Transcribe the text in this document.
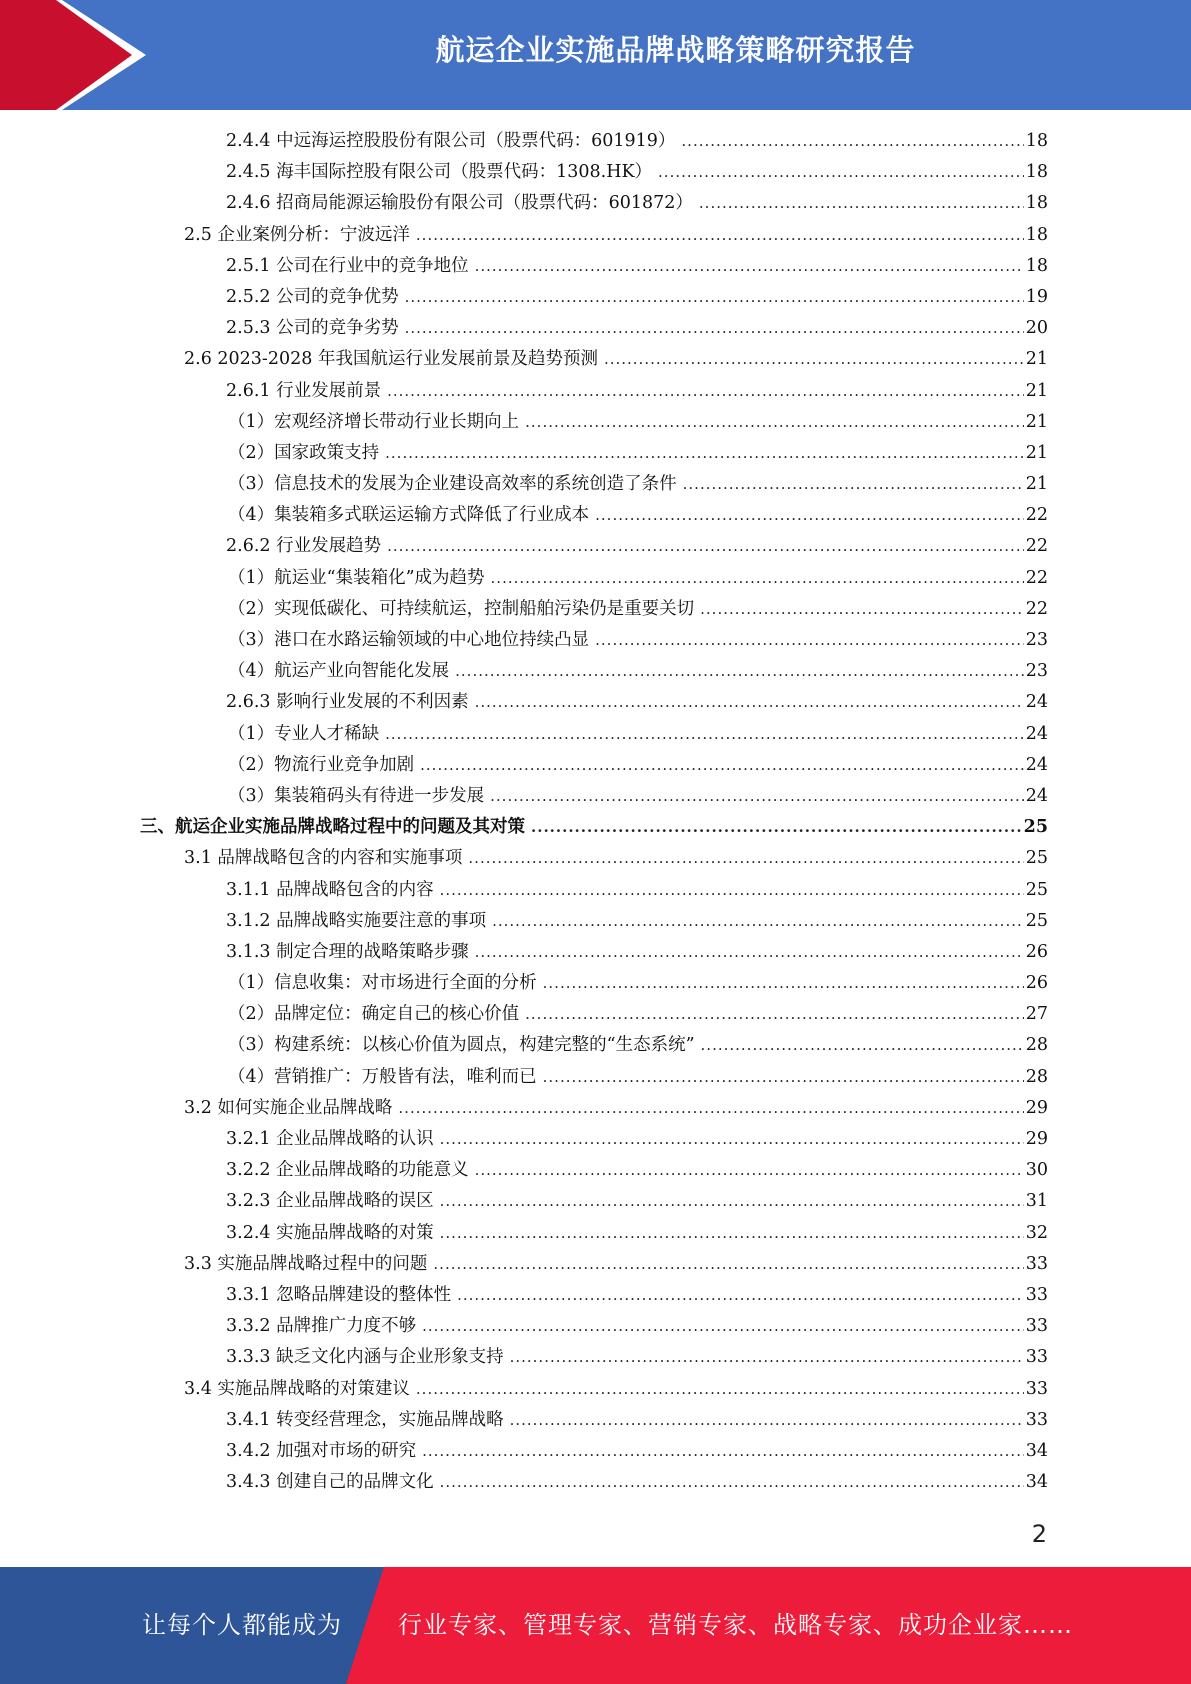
航运企业实施品牌战略策略研究报告
2.4.4 中远海运控股股份有限公司（股票代码：601919） .....	18
2.4.5 海丰国际控股有限公司（股票代码：1308.HK） .....	18
2.4.6 招商局能源运输股份有限公司（股票代码：601872） .....	18
2.5 企业案例分析：宁波远洋 .....	18
2.5.1 公司在行业中的竞争地位 .....	18
2.5.2 公司的竞争优势 .....	19
2.5.3 公司的竞争劣势 .....	20
2.6 2023-2028 年我国航运行业发展前景及趋势预测 .....	21
2.6.1 行业发展前景 .....	21
（1）宏观经济增长带动行业长期向上 .....	21
（2）国家政策支持 .....	21
（3）信息技术的发展为企业建设高效率的系统创造了条件 .....	21
（4）集装箱多式联运运输方式降低了行业成本 .....	22
2.6.2 行业发展趋势 .....	22
（1）航运业“集装箱化”成为趋势 .....	22
（2）实现低碳化、可持续航运，控制船舶污染仍是重要关切 .....	22
（3）港口在水路运输领域的中心地位持续凸显 .....	23
（4）航运产业向智能化发展 .....	23
2.6.3 影响行业发展的不利因素 .....	24
（1）专业人才稀缺 .....	24
（2）物流行业竞争加剧 .....	24
（3）集装箱码头有待进一步发展 .....	24
三、航运企业实施品牌战略过程中的问题及其对策 .....	25
3.1 品牌战略包含的内容和实施事项 .....	25
3.1.1 品牌战略包含的内容 .....	25
3.1.2 品牌战略实施要注意的事项 .....	25
3.1.3 制定合理的战略策略步骤 .....	26
（1）信息收集：对市场进行全面的分析 .....	26
（2）品牌定位：确定自己的核心价值 .....	27
（3）构建系统：以核心价值为圆点，构建完整的“生态系统” .....	28
（4）营销推广：万般皆有法，唯利而已 .....	28
3.2 如何实施企业品牌战略 .....	29
3.2.1 企业品牌战略的认识 .....	29
3.2.2 企业品牌战略的功能意义 .....	30
3.2.3 企业品牌战略的误区 .....	31
3.2.4 实施品牌战略的对策 .....	32
3.3 实施品牌战略过程中的问题 .....	33
3.3.1 忽略品牌建设的整体性 .....	33
3.3.2 品牌推广力度不够 .....	33
3.3.3 缺乏文化内涵与企业形象支持 .....	33
3.4 实施品牌战略的对策建议 .....	33
3.4.1 转变经营理念，实施品牌战略 .....	33
3.4.2 加强对市场的研究 .....	34
3.4.3 创建自己的品牌文化 .....	34
2
让每个人都能成为 行业专家、管理专家、营销专家、战略专家、成功企业家……
